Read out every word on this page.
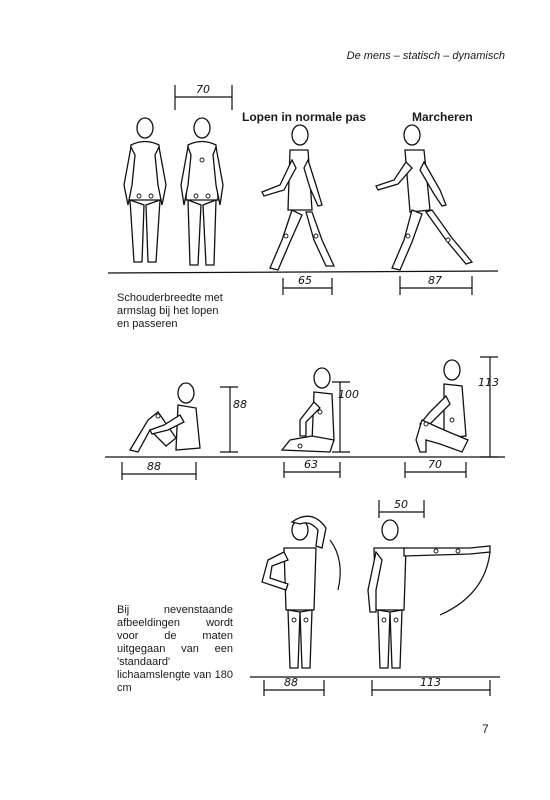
De mens – statisch – dynamisch

Lopen in normale pas	Marcheren

Schouderbreedte met armslag bij het lopen en passeren

Bij nevenstaande afbeeldingen wordt voor de maten uitgegaan van een 'standaard' lichaamslengte van 180 cm

7

70
65	87
88
88
100
63
113
70
88
50
113
